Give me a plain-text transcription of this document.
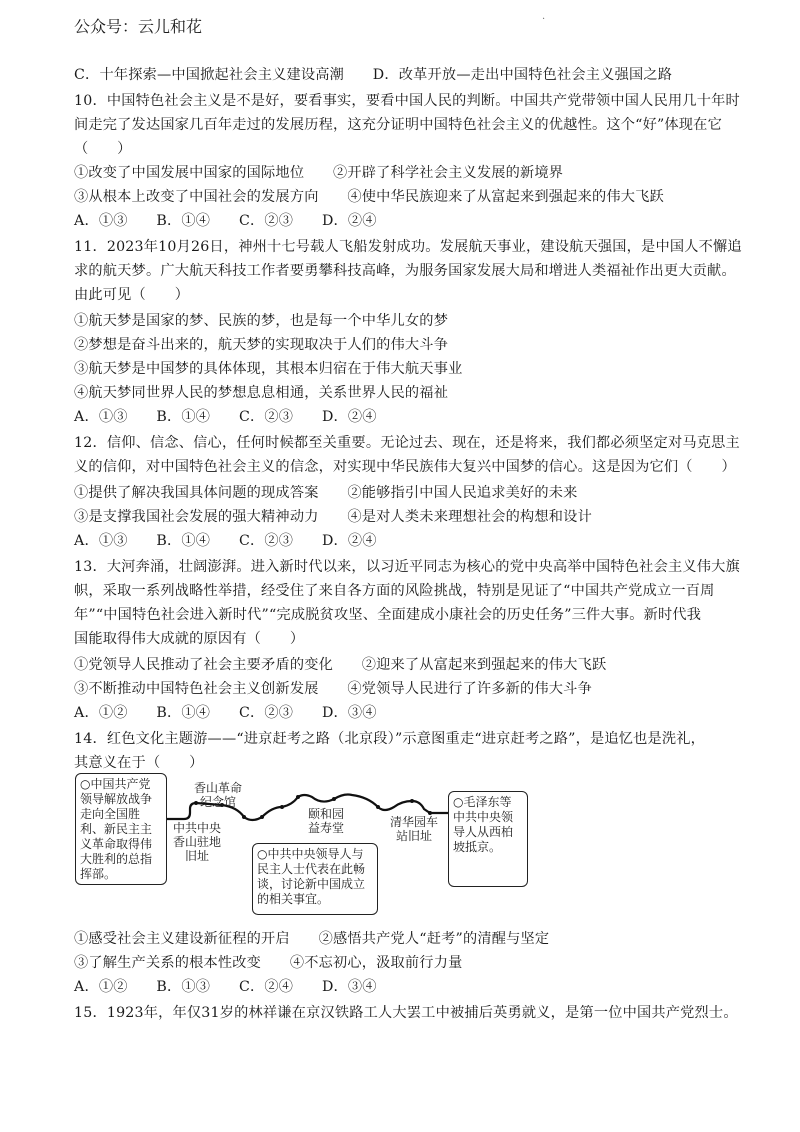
公众号：云儿和花	·
C．十年探索—中国掀起社会主义建设高潮　　D．改革开放—走出中国特色社会主义强国之路
10．中国特色社会主义是不是好，要看事实，要看中国人民的判断。中国共产党带领中国人民用几十年时
间走完了发达国家几百年走过的发展历程，这充分证明中国特色社会主义的优越性。这个“好”体现在它
（　　）
①改变了中国发展中国家的国际地位　　②开辟了科学社会主义发展的新境界
③从根本上改变了中国社会的发展方向　　④使中华民族迎来了从富起来到强起来的伟大飞跃
A．①③　　B．①④　　C．②③　　D．②④
11．2023年10月26日，神州十七号载人飞船发射成功。发展航天事业，建设航天强国，是中国人不懈追
求的航天梦。广大航天科技工作者要勇攀科技高峰，为服务国家发展大局和增进人类福祉作出更大贡献。
由此可见（　　）
①航天梦是国家的梦、民族的梦，也是每一个中华儿女的梦
②梦想是奋斗出来的，航天梦的实现取决于人们的伟大斗争
③航天梦是中国梦的具体体现，其根本归宿在于伟大航天事业
④航天梦同世界人民的梦想息息相通，关系世界人民的福祉
A．①③　　B．①④　　C．②③　　D．②④
12．信仰、信念、信心，任何时候都至关重要。无论过去、现在，还是将来，我们都必须坚定对马克思主
义的信仰，对中国特色社会主义的信念，对实现中华民族伟大复兴中国梦的信心。这是因为它们（　　）
①提供了解决我国具体问题的现成答案　　②能够指引中国人民追求美好的未来
③是支撑我国社会发展的强大精神动力　　④是对人类未来理想社会的构想和设计
A．①③　　B．①④　　C．②③　　D．②④
13．大河奔涌，壮阔澎湃。进入新时代以来，以习近平同志为核心的党中央高举中国特色社会主义伟大旗
帜，采取一系列战略性举措，经受住了来自各方面的风险挑战，特别是见证了“中国共产党成立一百周
年”“中国特色社会进入新时代”“完成脱贫攻坚、全面建成小康社会的历史任务”三件大事。新时代我
国能取得伟大成就的原因有（　　）
①党领导人民推动了社会主要矛盾的变化　　②迎来了从富起来到强起来的伟大飞跃
③不断推动中国特色社会主义创新发展　　④党领导人民进行了许多新的伟大斗争
A．①②　　B．①④　　C．②③　　D．③④
14．红色文化主题游——“进京赶考之路（北京段）”示意图重走“进京赶考之路”，是追忆也是洗礼，
其意义在于（　　）
①感受社会主义建设新征程的开启　　②感悟共产党人“赶考”的清醒与坚定
③了解生产关系的根本性改变　　④不忘初心，汲取前行力量
A．①②　　B．①③　　C．②④　　D．③④
15．1923年，年仅31岁的林祥谦在京汉铁路工人大罢工中被捕后英勇就义，是第一位中国共产党烈士。
○中国共产党领导解放战争走向全国胜利、新民主主义革命取得伟大胜利的总指挥部。
香山革命纪念馆
中共中央香山驻地旧址
颐和园益寿堂	清华园车站旧址
○中共中央领导人与民主人士代表在此畅谈，讨论新中国成立的相关事宜。
○毛泽东等中共中央领导人从西柏坡抵京。
